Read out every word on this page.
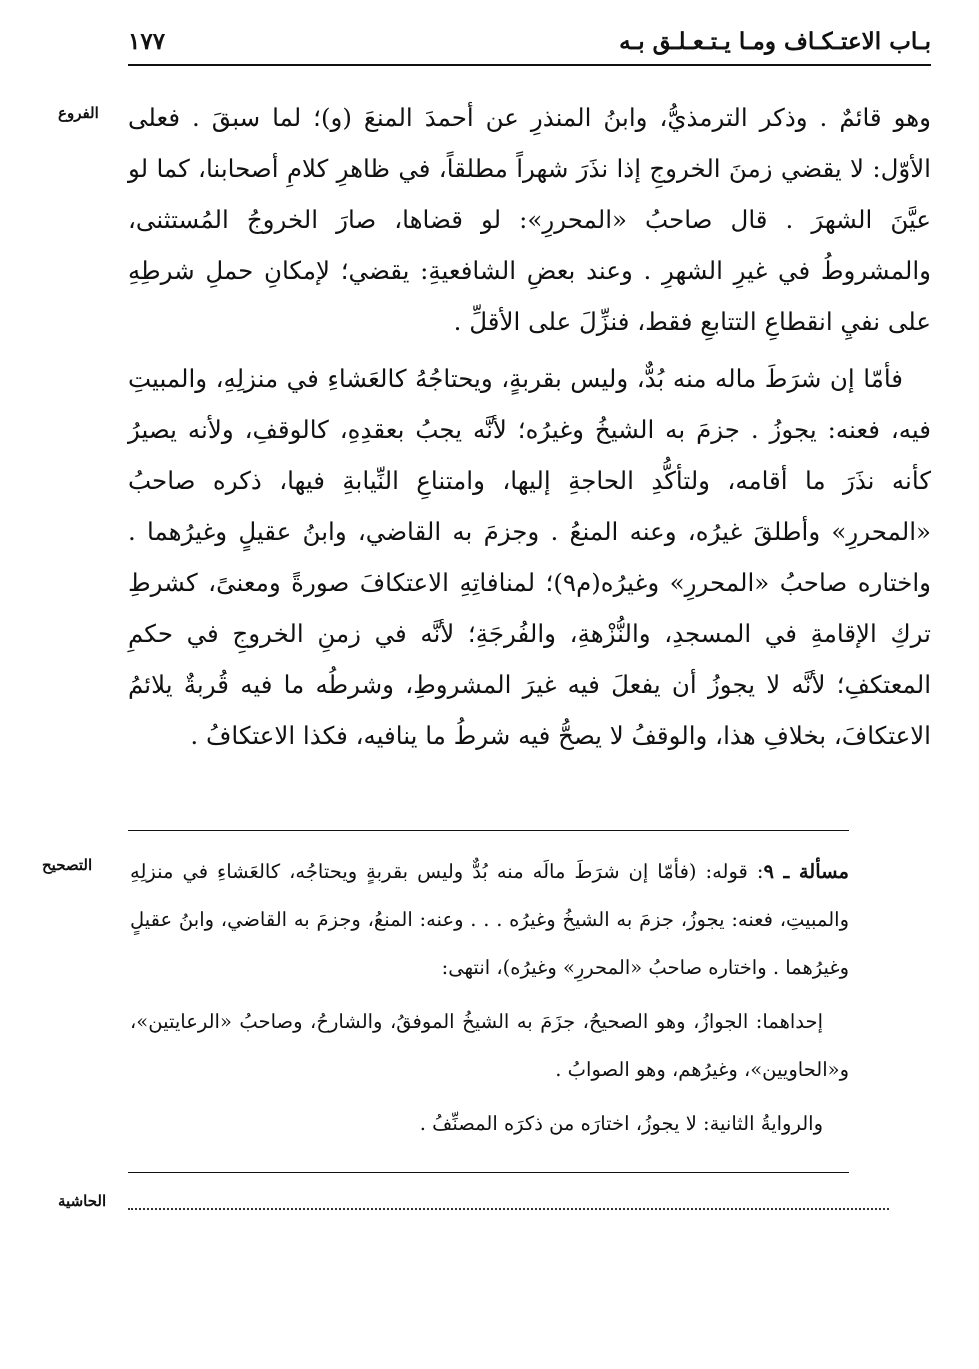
بـاب الاعتـكـاف ومـا يـتـعـلـق بـه
١٧٧
الفروع وهو قائمٌ . وذكر الترمذيُّ، وابنُ المنذرِ عن أحمدَ المنعَ (و)؛ لما سبقَ . فعلى الأوّل: لا يقضي زمنَ الخروجِ إذا نذَرَ شهراً مطلقاً، في ظاهرِ كلامِ أصحابنا، كما لو عيَّنَ الشهرَ . قال صاحبُ «المحررِ»: لو قضاها، صارَ الخروجُ المُستثنى، والمشروطُ في غيرِ الشهرِ . وعند بعضِ الشافعيةِ: يقضي؛ لإمكانِ حملِ شرطِهِ على نفيِ انقطاعِ التتابعِ فقط، فنزِّلَ على الأقلِّ .

فأمّا إن شرَطَ ماله منه بُدٌّ، وليس بقربةٍ، ويحتاجُهُ كالعَشاءِ في منزلِهِ، والمبيتِ فيه، فعنه: يجوزُ . جزمَ به الشيخُ وغيرُه؛ لأنَّه يجبُ بعقدِهِ، كالوقفِ، ولأنه يصيرُ كأنه نذَرَ ما أقامه، ولتأكُّدِ الحاجةِ إليها، وامتناعِ النِّيابةِ فيها، ذكره صاحبُ «المحررِ» وأطلقَ غيرُه، وعنه المنعُ . وجزمَ به القاضي، وابنُ عقيلٍ وغيرُهما . واختاره صاحبُ «المحررِ» وغيرُه(م٩)؛ لمنافاتِهِ الاعتكافَ صورةً ومعنىً، كشرطِ تركِ الإقامةِ في المسجدِ، والنُّزْهةِ، والفُرجَةِ؛ لأنَّه في زمنِ الخروجِ في حكمِ المعتكفِ؛ لأنَّه لا يجوزُ أن يفعلَ فيه غيرَ المشروطِ، وشرطُه ما فيه قُربةٌ يلائمُ الاعتكافَ، بخلافِ هذا، والوقفُ لا يصحُّ فيه شرطُ ما ينافيه، فكذا الاعتكافُ .

التصحيح	مسألة ـ ٩: قوله: (فأمّا إن شرَطَ مالَه منه بُدٌّ وليس بقربةٍ ويحتاجُه، كالعَشاءِ في منزلِهِ والمبيتِ، فعنه: يجوزُ، جزمَ به الشيخُ وغيرُه . . . وعنه: المنعُ، وجزمَ به القاضي، وابنُ عقيلٍ وغيرُهما . واختاره صاحبُ «المحررِ» وغيرُه)، انتهى:

إحداهما: الجوازُ، وهو الصحيحُ، جزَمَ به الشيخُ الموفقُ، والشارحُ، وصاحبُ «الرعايتين»، و«الحاويين»، وغيرُهم، وهو الصوابُ .

والروايةُ الثانية: لا يجوزُ، اختارَه من ذكرَه المصنِّفُ .

الحاشية
